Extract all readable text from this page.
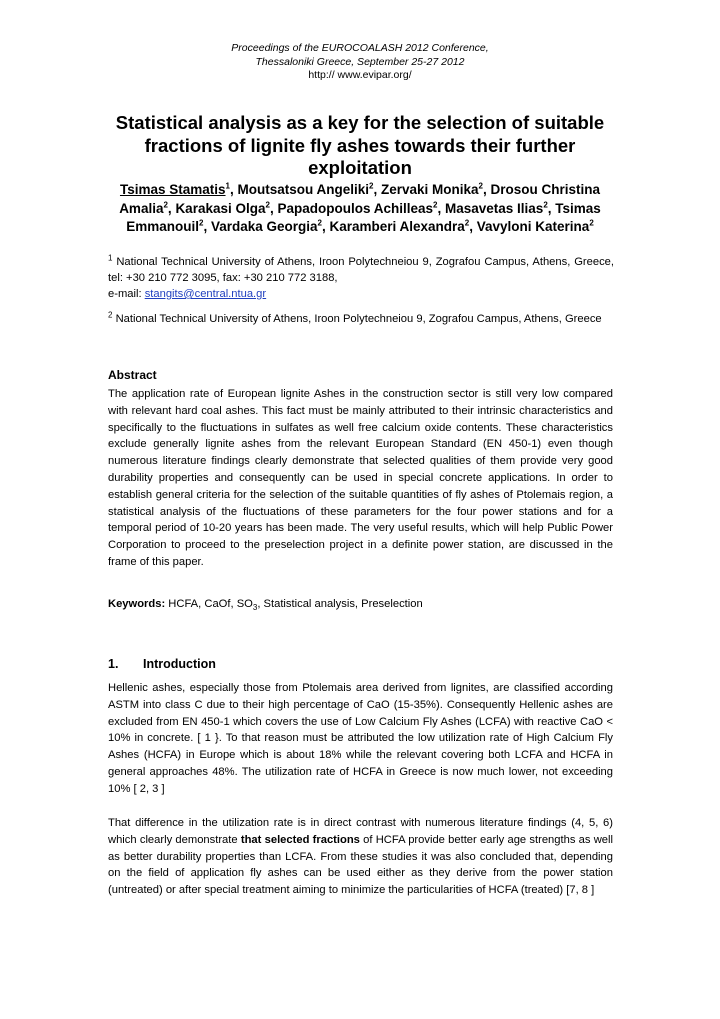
Proceedings of the EUROCOALASH 2012 Conference,
Thessaloniki Greece, September 25-27 2012
http:// www.evipar.org/
Statistical analysis as a key for the selection of suitable fractions of lignite fly ashes towards their further exploitation
Tsimas Stamatis$^1$, Moutsatsou Angeliki$^2$, Zervaki Monika$^2$, Drosou Christina Amalia$^2$, Karakasi Olga$^2$, Papadopoulos Achilleas$^2$, Masavetas Ilias$^2$, Tsimas Emmanouil$^2$, Vardaka Georgia$^2$, Karamberi Alexandra$^2$, Vavyloni Katerina$^2$
$^1$ National Technical University of Athens, Iroon Polytechneiou 9, Zografou Campus, Athens, Greece, tel: +30 210 772 3095, fax: +30 210 772 3188,
e-mail: stangits@central.ntua.gr
$^2$ National Technical University of Athens, Iroon Polytechneiou 9, Zografou Campus, Athens, Greece
Abstract
The application rate of European lignite Ashes in the construction sector is still very low compared with relevant hard coal ashes. This fact must be mainly attributed to their intrinsic characteristics and specifically to the fluctuations in sulfates as well free calcium oxide contents. These characteristics exclude generally lignite ashes from the relevant European Standard (EN 450-1) even though numerous literature findings clearly demonstrate that selected qualities of them provide very good durability properties and consequently can be used in special concrete applications. In order to establish general criteria for the selection of the suitable quantities of fly ashes of Ptolemais region, a statistical analysis of the fluctuations of these parameters for the four power stations and for a temporal period of 10-20 years has been made. The very useful results, which will help Public Power Corporation to proceed to the preselection project in a definite power station, are discussed in the frame of this paper.
Keywords: HCFA, CaOf, $SO_3$, Statistical analysis, Preselection
1. Introduction
Hellenic ashes, especially those from Ptolemais area derived from lignites, are classified according ASTM into class C due to their high percentage of CaO (15-35%). Consequently Hellenic ashes are excluded from EN 450-1 which covers the use of Low Calcium Fly Ashes (LCFA) with reactive CaO < 10% in concrete. [ 1 }. To that reason must be attributed the low utilization rate of High Calcium Fly Ashes (HCFA) in Europe which is about 18% while the relevant covering both LCFA and HCFA in general approaches 48%. The utilization rate of HCFA in Greece is now much lower, not exceeding 10% [ 2, 3 ]
That difference in the utilization rate is in direct contrast with numerous literature findings (4, 5, 6) which clearly demonstrate that selected fractions of HCFA provide better early age strengths as well as better durability properties than LCFA. From these studies it was also concluded that, depending on the field of application fly ashes can be used either as they derive from the power station (untreated) or after special treatment aiming to minimize the particularities of HCFA (treated) [7, 8 ]
